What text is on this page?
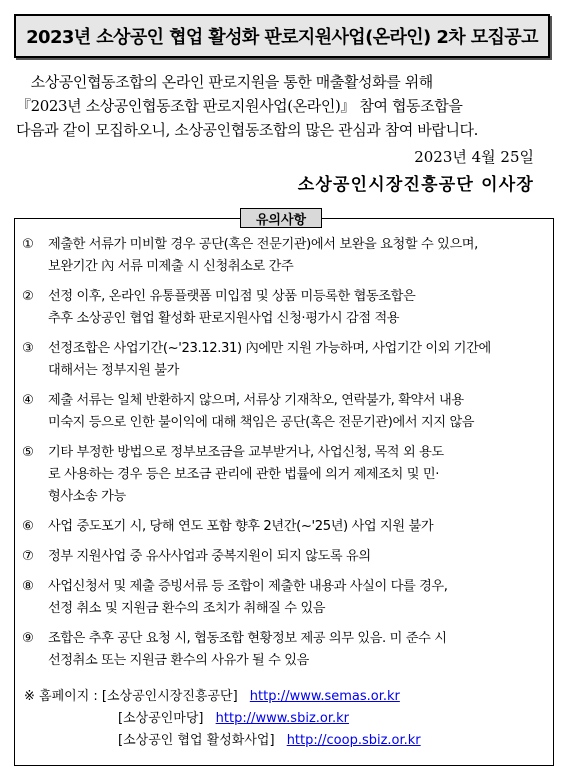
2023년 소상공인 협업 활성화 판로지원사업(온라인) 2차 모집공고

　소상공인협동조합의 온라인 판로지원을 통한 매출활성화를 위해

『2023년 소상공인협동조합 판로지원사업(온라인)』 참여 협동조합을

다음과 같이 모집하오니, 소상공인협동조합의 많은 관심과 참여 바랍니다.

2023년 4월 25일
소상공인시장진흥공단 이사장
유의사항
①	제출한 서류가 미비할 경우 공단(혹은 전문기관)에서 보완을 요청할 수 있으며,
보완기간 內 서류 미제출 시 신청취소로 간주
②	선정 이후, 온라인 유통플랫폼 미입점 및 상품 미등록한 협동조합은
추후 소상공인 협업 활성화 판로지원사업 신청·평가시 감점 적용
③	선정조합은 사업기간(~'23.12.31) 內에만 지원 가능하며, 사업기간 이외 기간에
대해서는 정부지원 불가
④	제출 서류는 일체 반환하지 않으며, 서류상 기재착오, 연락불가, 확약서 내용
미숙지 등으로 인한 불이익에 대해 책임은 공단(혹은 전문기관)에서 지지 않음
⑤	기타 부정한 방법으로 정부보조금을 교부받거나, 사업신청, 목적 외 용도
로 사용하는 경우 등은 보조금 관리에 관한 법률에 의거 제제조치 및 민·
형사소송 가능
⑥	사업 중도포기 시, 당해 연도 포함 향후 2년간(~'25년) 사업 지원 불가
⑦	정부 지원사업 중 유사사업과 중복지원이 되지 않도록 유의
⑧	사업신청서 및 제출 증빙서류 등 조합이 제출한 내용과 사실이 다를 경우,
선정 취소 및 지원금 환수의 조치가 취해질 수 있음
⑨	조합은 추후 공단 요청 시, 협동조합 현황정보 제공 의무 있음. 미 준수 시
선정취소 또는 지원금 환수의 사유가 될 수 있음
※ 홈페이지 : [소상공인시장진흥공단] http://www.semas.or.kr
[소상공인마당] http://www.sbiz.or.kr
[소상공인 협업 활성화사업] http://coop.sbiz.or.kr
